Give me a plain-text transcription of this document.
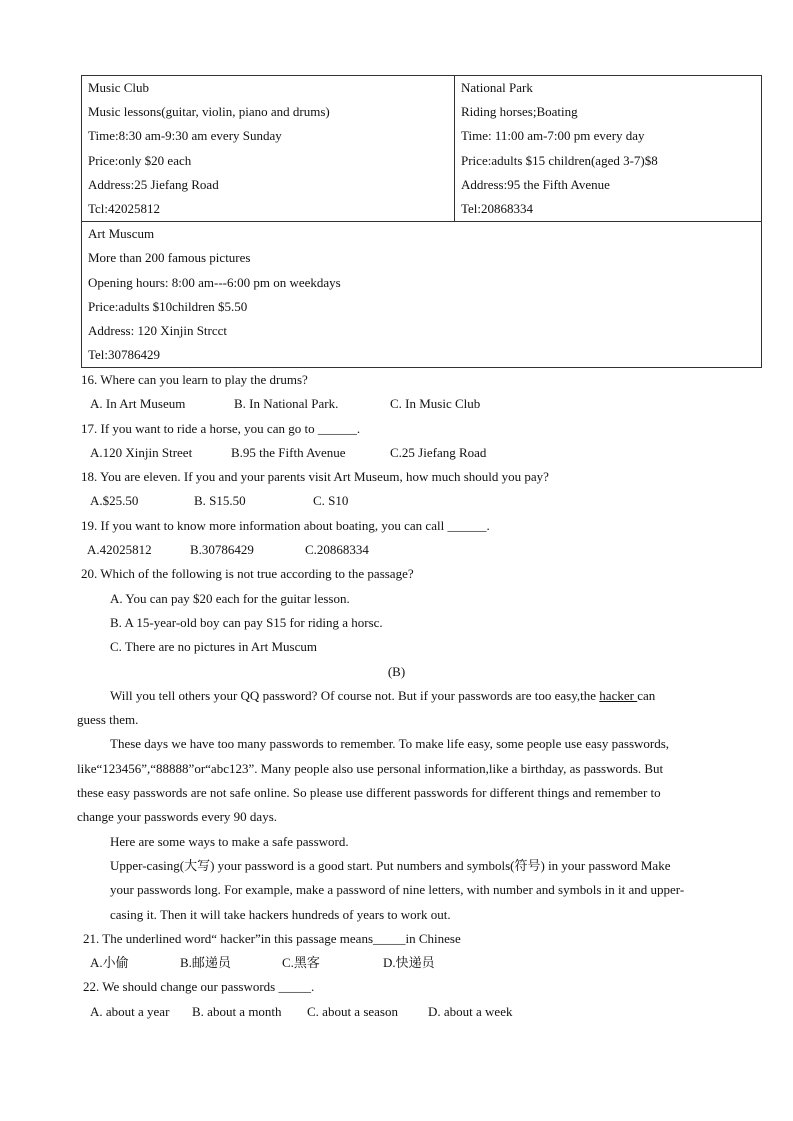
Music Club
Music lessons(guitar, violin, piano and drums)
Time:8:30 am-9:30 am every Sunday
Price:only $20 each
Address:25 Jiefang Road
Tcl:42025812

National Park
Riding horses;Boating
Time: 11:00 am-7:00 pm every day
Price:adults $15 children(aged 3-7)$8
Address:95 the Fifth Avenue
Tel:20868334

Art Muscum
More than 200 famous pictures
Opening hours: 8:00 am---6:00 pm on weekdays
Price:adults $10children $5.50
Address: 120 Xinjin Strcct
Tel:30786429
16. Where can you learn to play the drums?
A. In Art Museum	B. In National Park.	C. In Music Club
17. If you want to ride a horse, you can go to ______.
A.120 Xinjin Street	B.95 the Fifth Avenue	C.25 Jiefang Road
18. You are eleven. If you and your parents visit Art Museum, how much should you pay?
A.$25.50	B. S15.50	C. S10
19. If you want to know more information about boating, you can call ______.
A.42025812	B.30786429	C.20868334
20. Which of the following is not true according to the passage?
A. You can pay $20 each for the guitar lesson.
B. A 15-year-old boy can pay S15 for riding a horsc.
C. There are no pictures in Art Muscum
(B)
Will you tell others your QQ password? Of course not. But if your passwords are too easy,the hacker can
guess them.
These days we have too many passwords to remember. To make life easy, some people use easy passwords,
like“123456”,“88888”or“abc123”. Many people also use personal information,like a birthday, as passwords. But
these easy passwords are not safe online. So please use different passwords for different things and remember to
change your passwords every 90 days.
Here are some ways to make a safe password.
Upper-casing(大写) your password is a good start. Put numbers and symbols(符号) in your password Make
your passwords long. For example, make a password of nine letters, with number and symbols in it and upper-
casing it. Then it will take hackers hundreds of years to work out.
21. The underlined word“ hacker”in this passage means_____in Chinese
A.小偷	B.邮递员	C.黑客	D.快递员
22. We should change our passwords _____.
A. about a year B. about a month C. about a season D. about a week
